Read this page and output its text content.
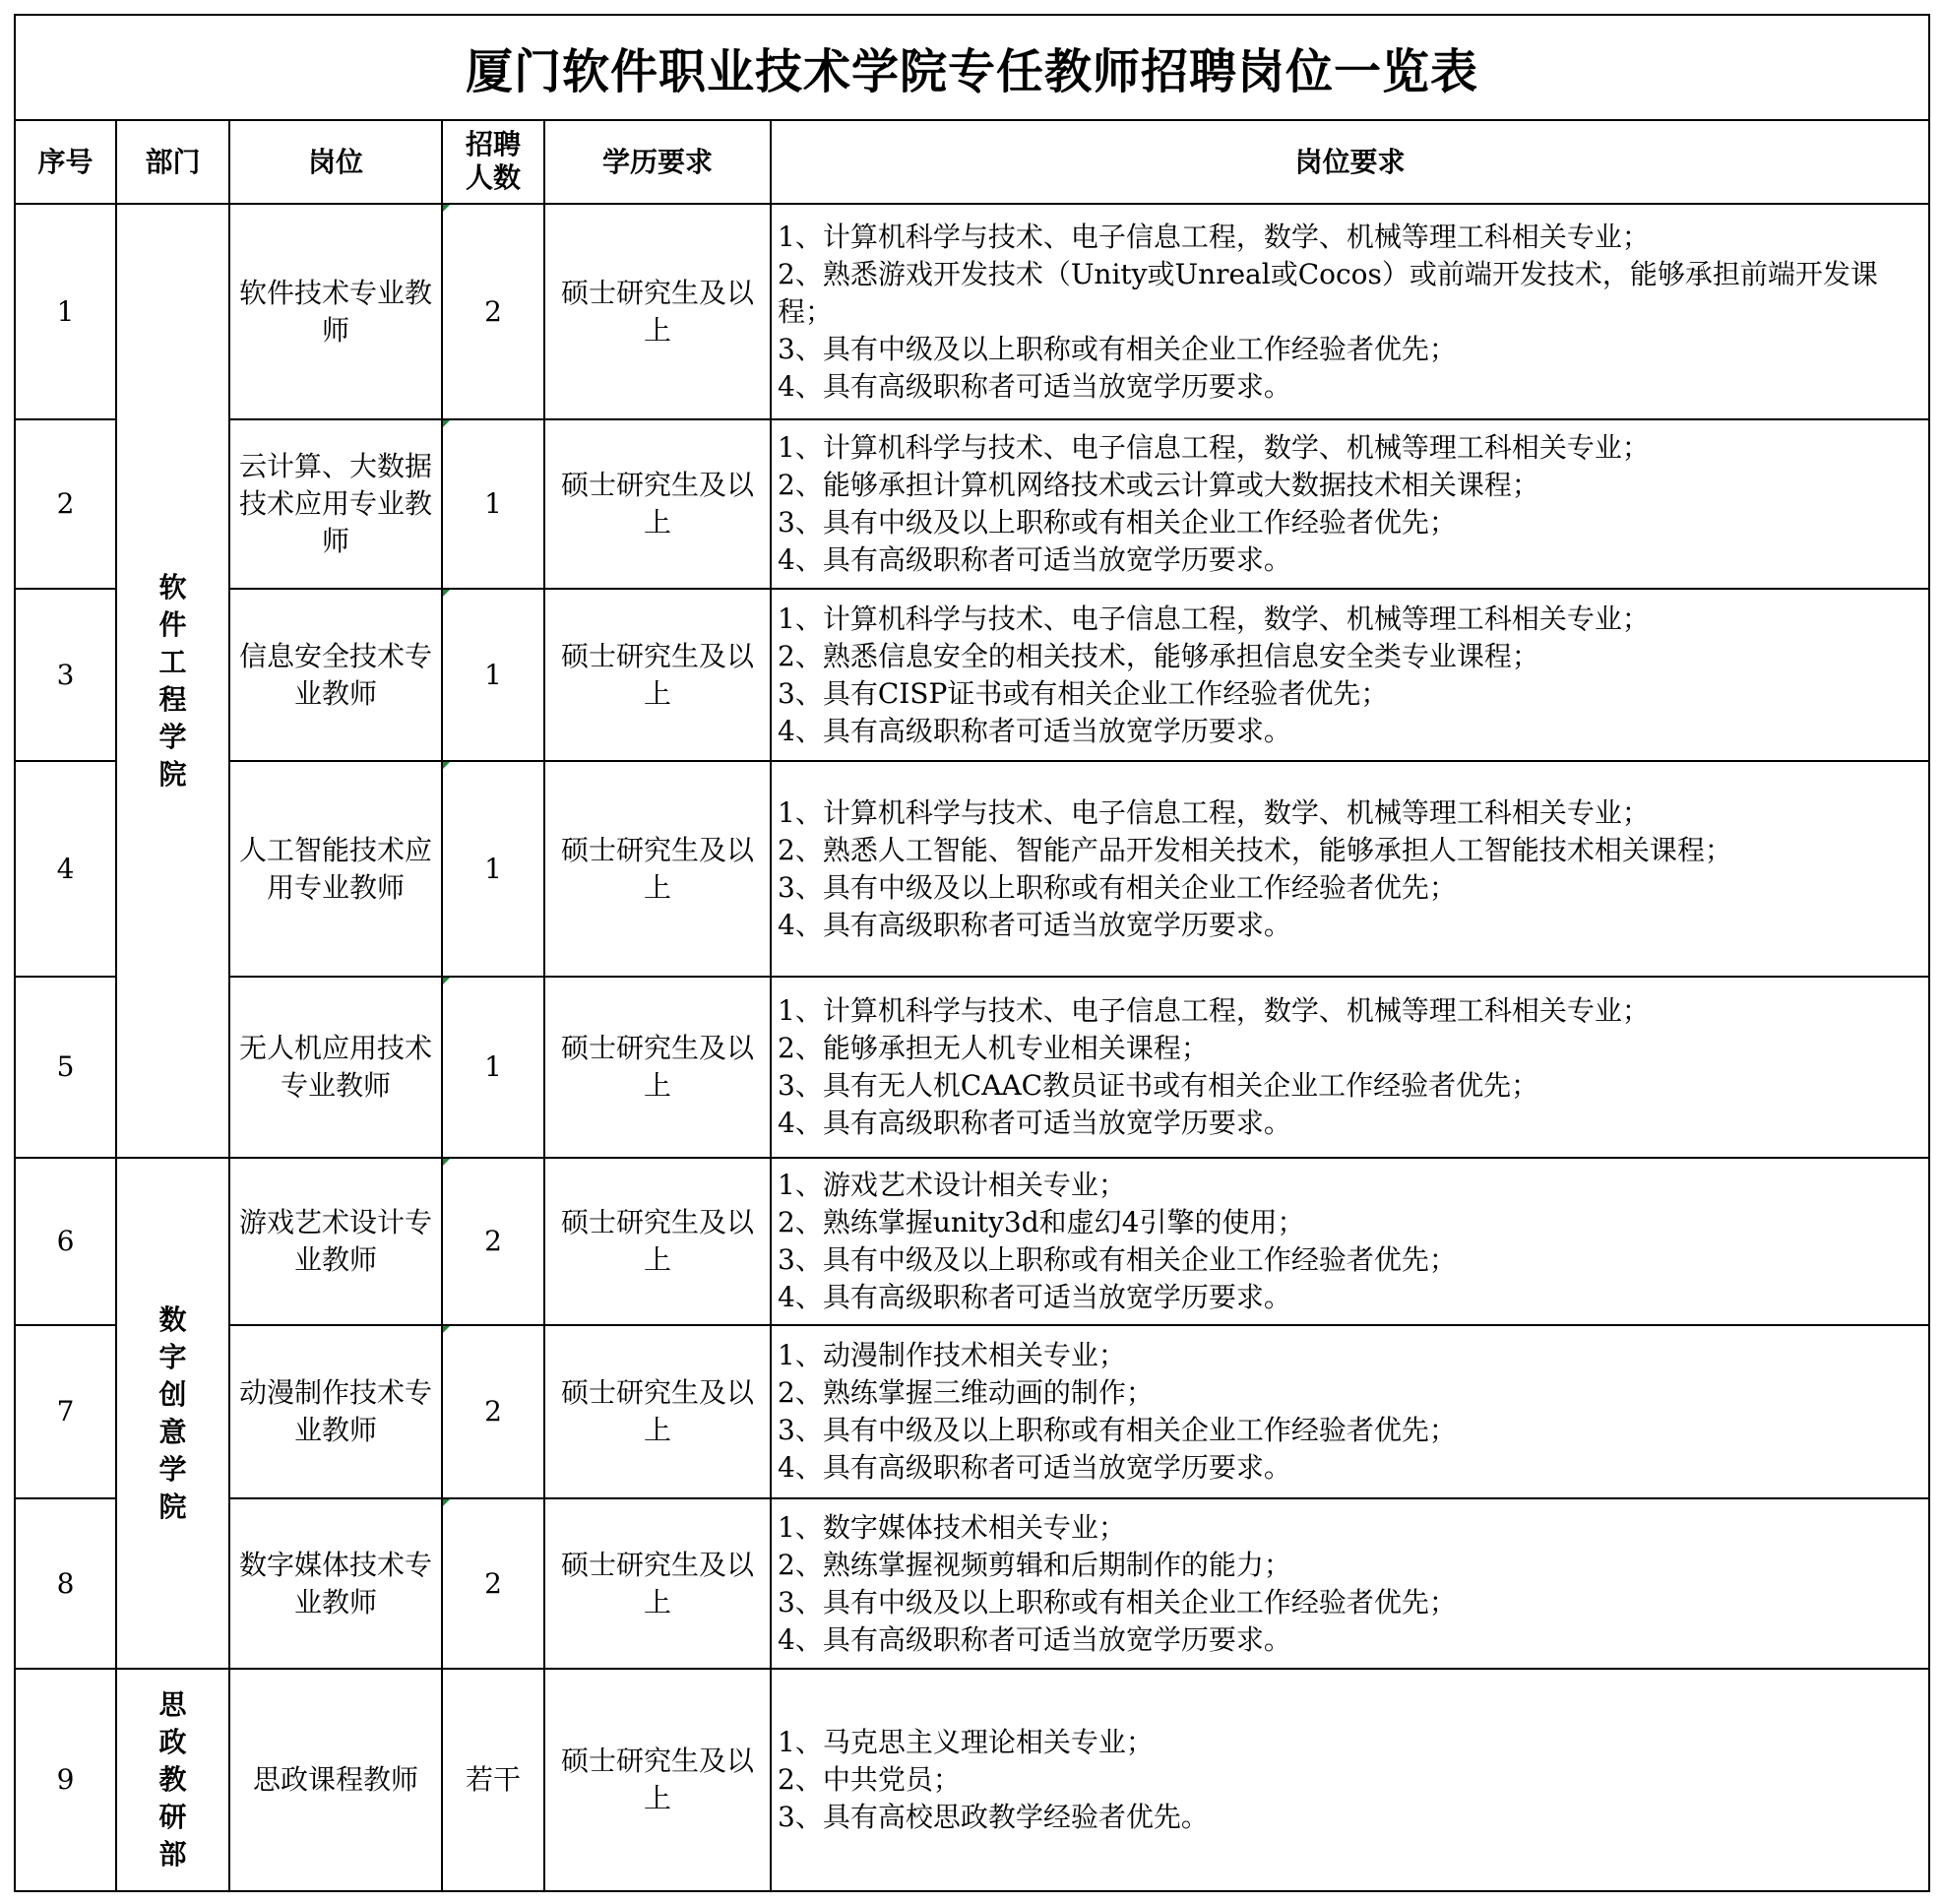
厦门软件职业技术学院专任教师招聘岗位一览表
序号	部门	岗位	招聘人数	学历要求	岗位要求
1	软件工程学院	软件技术专业教师	2	硕士研究生及以上	1、计算机科学与技术、电子信息工程，数学、机械等理工科相关专业；
2、熟悉游戏开发技术（Unity或Unreal或Cocos）或前端开发技术，能够承担前端开发课程；
3、具有中级及以上职称或有相关企业工作经验者优先；
4、具有高级职称者可适当放宽学历要求。
2		云计算、大数据技术应用专业教师	1	硕士研究生及以上	1、计算机科学与技术、电子信息工程，数学、机械等理工科相关专业；
2、能够承担计算机网络技术或云计算或大数据技术相关课程；
3、具有中级及以上职称或有相关企业工作经验者优先；
4、具有高级职称者可适当放宽学历要求。
3		信息安全技术专业教师	1	硕士研究生及以上	1、计算机科学与技术、电子信息工程，数学、机械等理工科相关专业；
2、熟悉信息安全的相关技术，能够承担信息安全类专业课程；
3、具有CISP证书或有相关企业工作经验者优先；
4、具有高级职称者可适当放宽学历要求。
4		人工智能技术应用专业教师	1	硕士研究生及以上	1、计算机科学与技术、电子信息工程，数学、机械等理工科相关专业；
2、熟悉人工智能、智能产品开发相关技术，能够承担人工智能技术相关课程；
3、具有中级及以上职称或有相关企业工作经验者优先；
4、具有高级职称者可适当放宽学历要求。
5		无人机应用技术专业教师	1	硕士研究生及以上	1、计算机科学与技术、电子信息工程，数学、机械等理工科相关专业；
2、能够承担无人机专业相关课程；
3、具有无人机CAAC教员证书或有相关企业工作经验者优先；
4、具有高级职称者可适当放宽学历要求。
6	数字创意学院	游戏艺术设计专业教师	2	硕士研究生及以上	1、游戏艺术设计相关专业；
2、熟练掌握unity3d和虚幻4引擎的使用；
3、具有中级及以上职称或有相关企业工作经验者优先；
4、具有高级职称者可适当放宽学历要求。
7		动漫制作技术专业教师	2	硕士研究生及以上	1、动漫制作技术相关专业；
2、熟练掌握三维动画的制作；
3、具有中级及以上职称或有相关企业工作经验者优先；
4、具有高级职称者可适当放宽学历要求。
8		数字媒体技术专业教师	2	硕士研究生及以上	1、数字媒体技术相关专业；
2、熟练掌握视频剪辑和后期制作的能力；
3、具有中级及以上职称或有相关企业工作经验者优先；
4、具有高级职称者可适当放宽学历要求。
9	思政教研部	思政课程教师	若干	硕士研究生及以上	1、马克思主义理论相关专业；
2、中共党员；
3、具有高校思政教学经验者优先。
